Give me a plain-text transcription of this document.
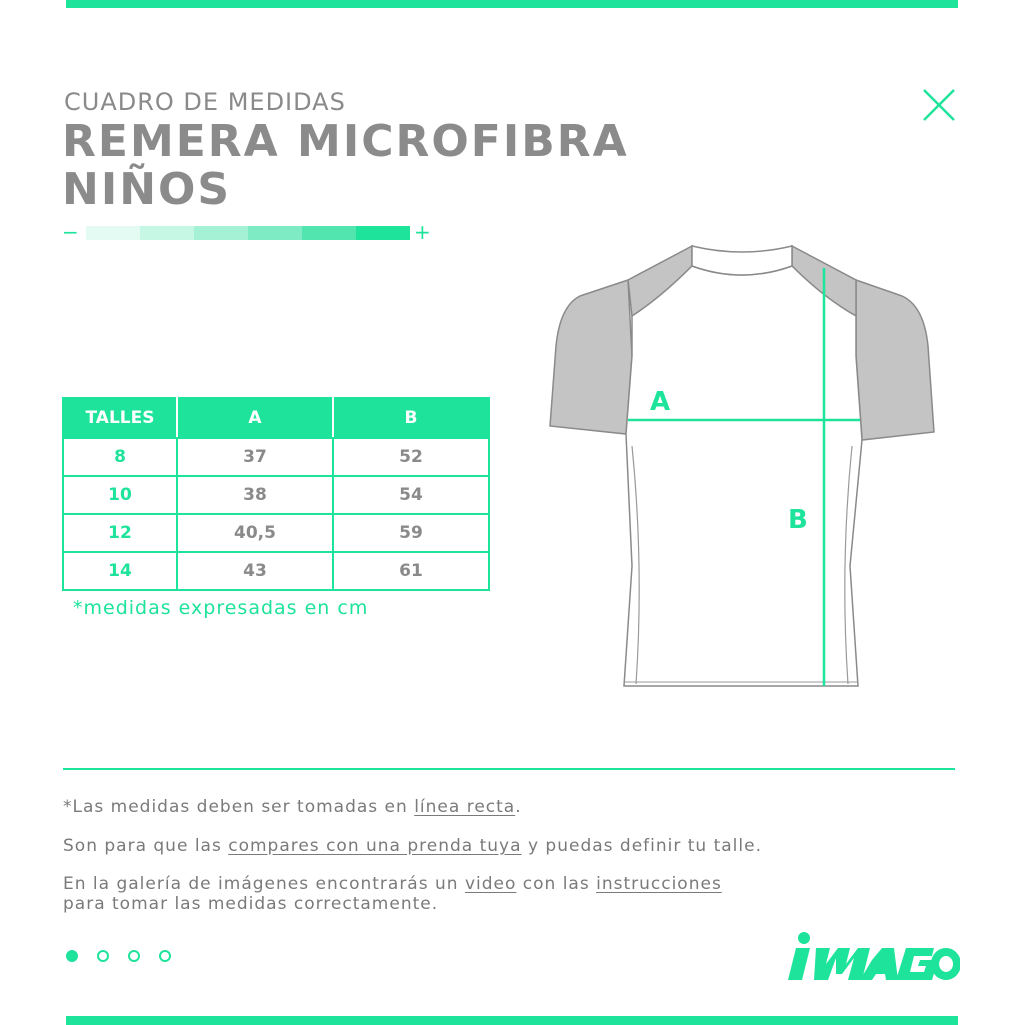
CUADRO DE MEDIDAS
REMERA MICROFIBRA
NIÑOS
−	+
TALLES	A	B
8	37	52
10	38	54
12	40,5	59
14	43	61
*medidas expresadas en cm
A
B
*Las medidas deben ser tomadas en línea recta.
Son para que las compares con una prenda tuya y puedas definir tu talle.
En la galería de imágenes encontrarás un video con las instrucciones
para tomar las medidas correctamente.
